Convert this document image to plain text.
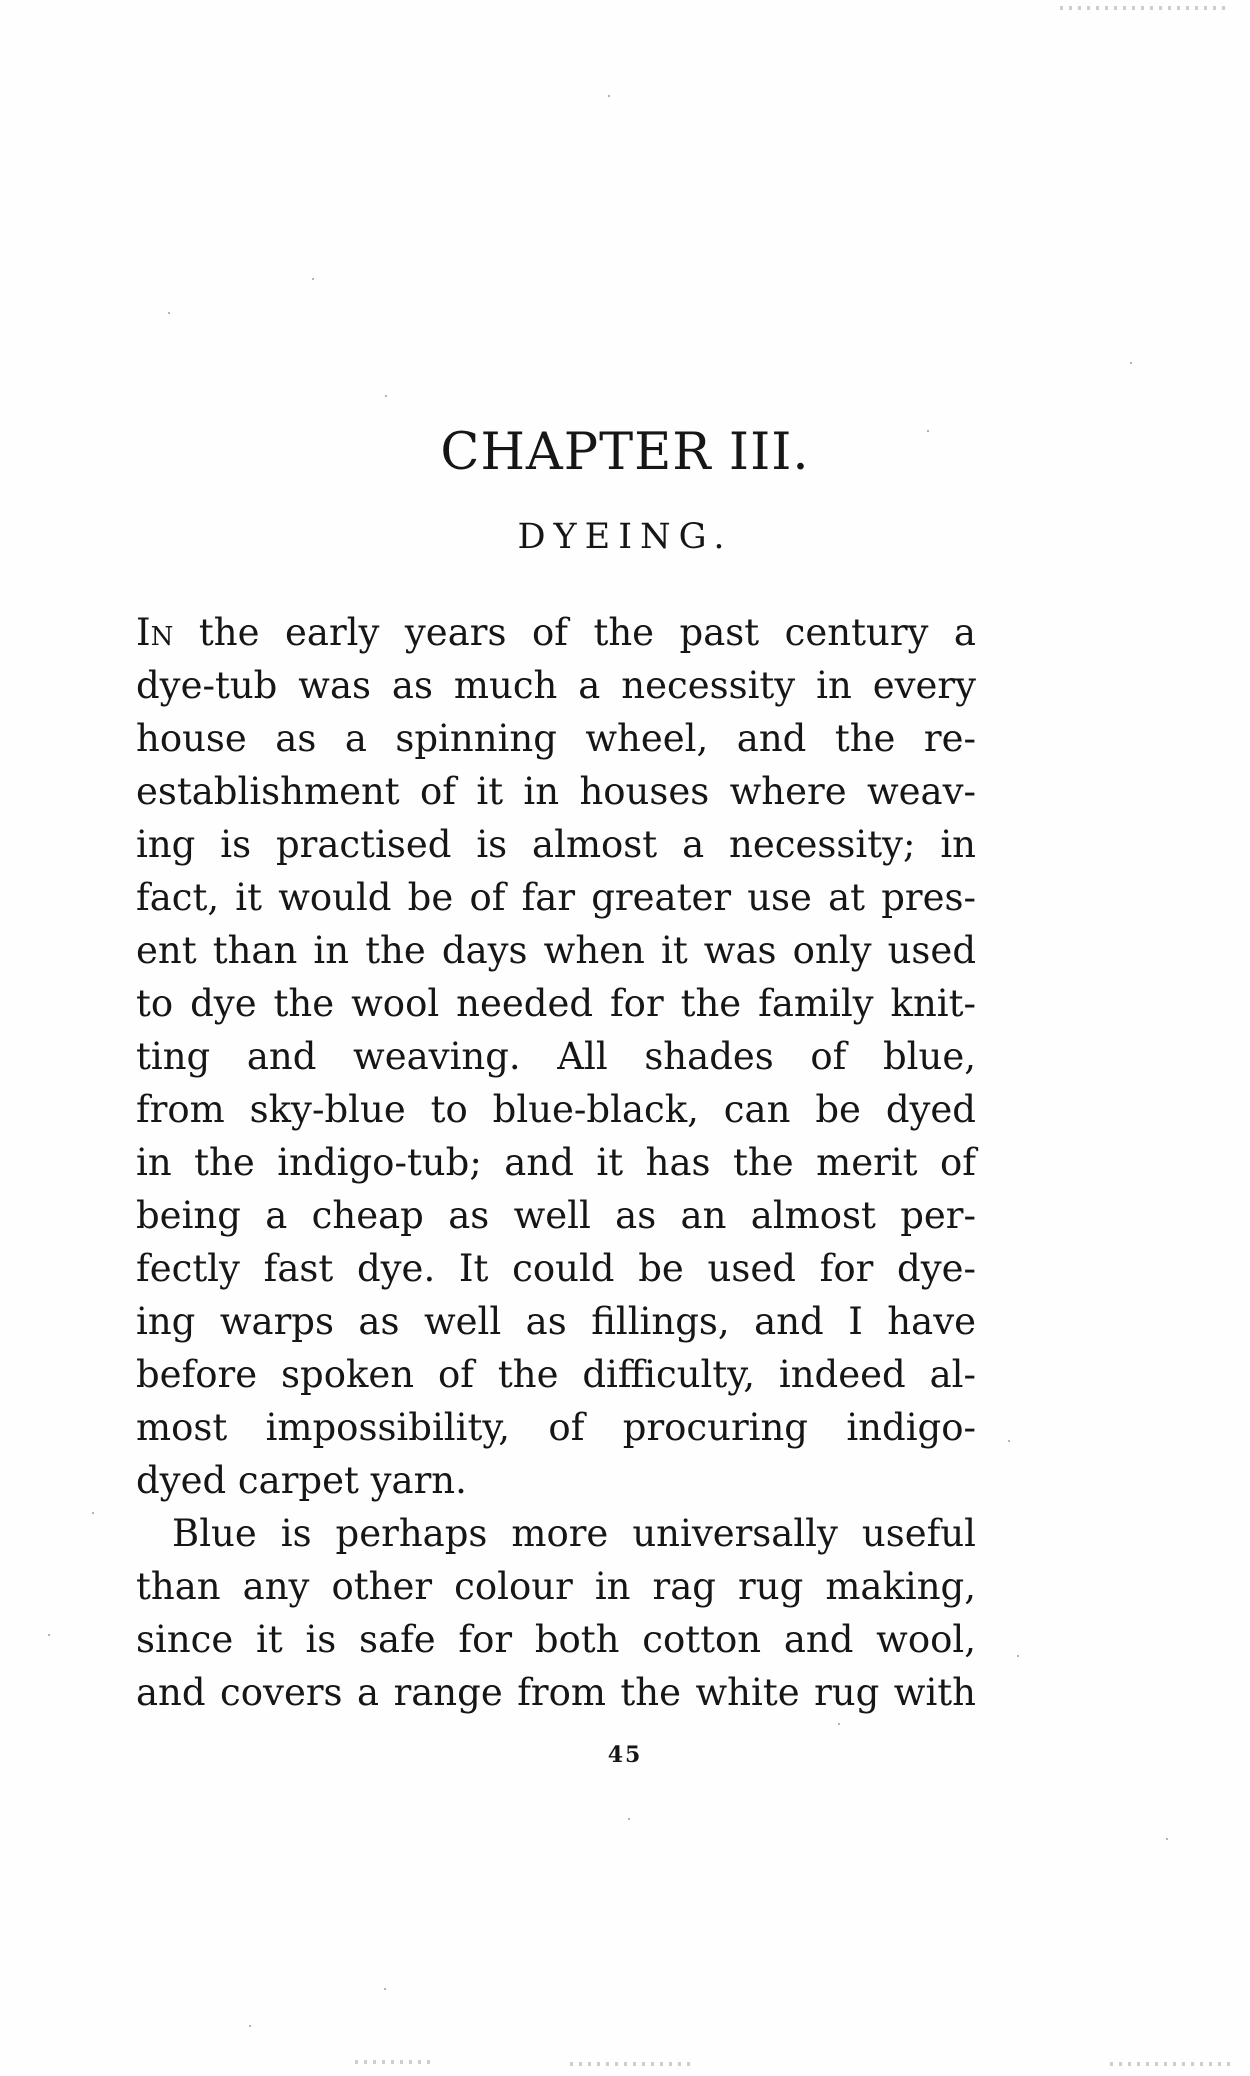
CHAPTER III.
DYEING.
In the early years of the past century a
dye-tub was as much a necessity in every
house as a spinning wheel, and the re-
establishment of it in houses where weav-
ing is practised is almost a necessity; in
fact, it would be of far greater use at pres-
ent than in the days when it was only used
to dye the wool needed for the family knit-
ting and weaving. All shades of blue,
from sky-blue to blue-black, can be dyed
in the indigo-tub; and it has the merit of
being a cheap as well as an almost per-
fectly fast dye. It could be used for dye-
ing warps as well as fillings, and I have
before spoken of the difficulty, indeed al-
most impossibility, of procuring indigo-
dyed carpet yarn.
Blue is perhaps more universally useful
than any other colour in rag rug making,
since it is safe for both cotton and wool,
and covers a range from the white rug with
45
